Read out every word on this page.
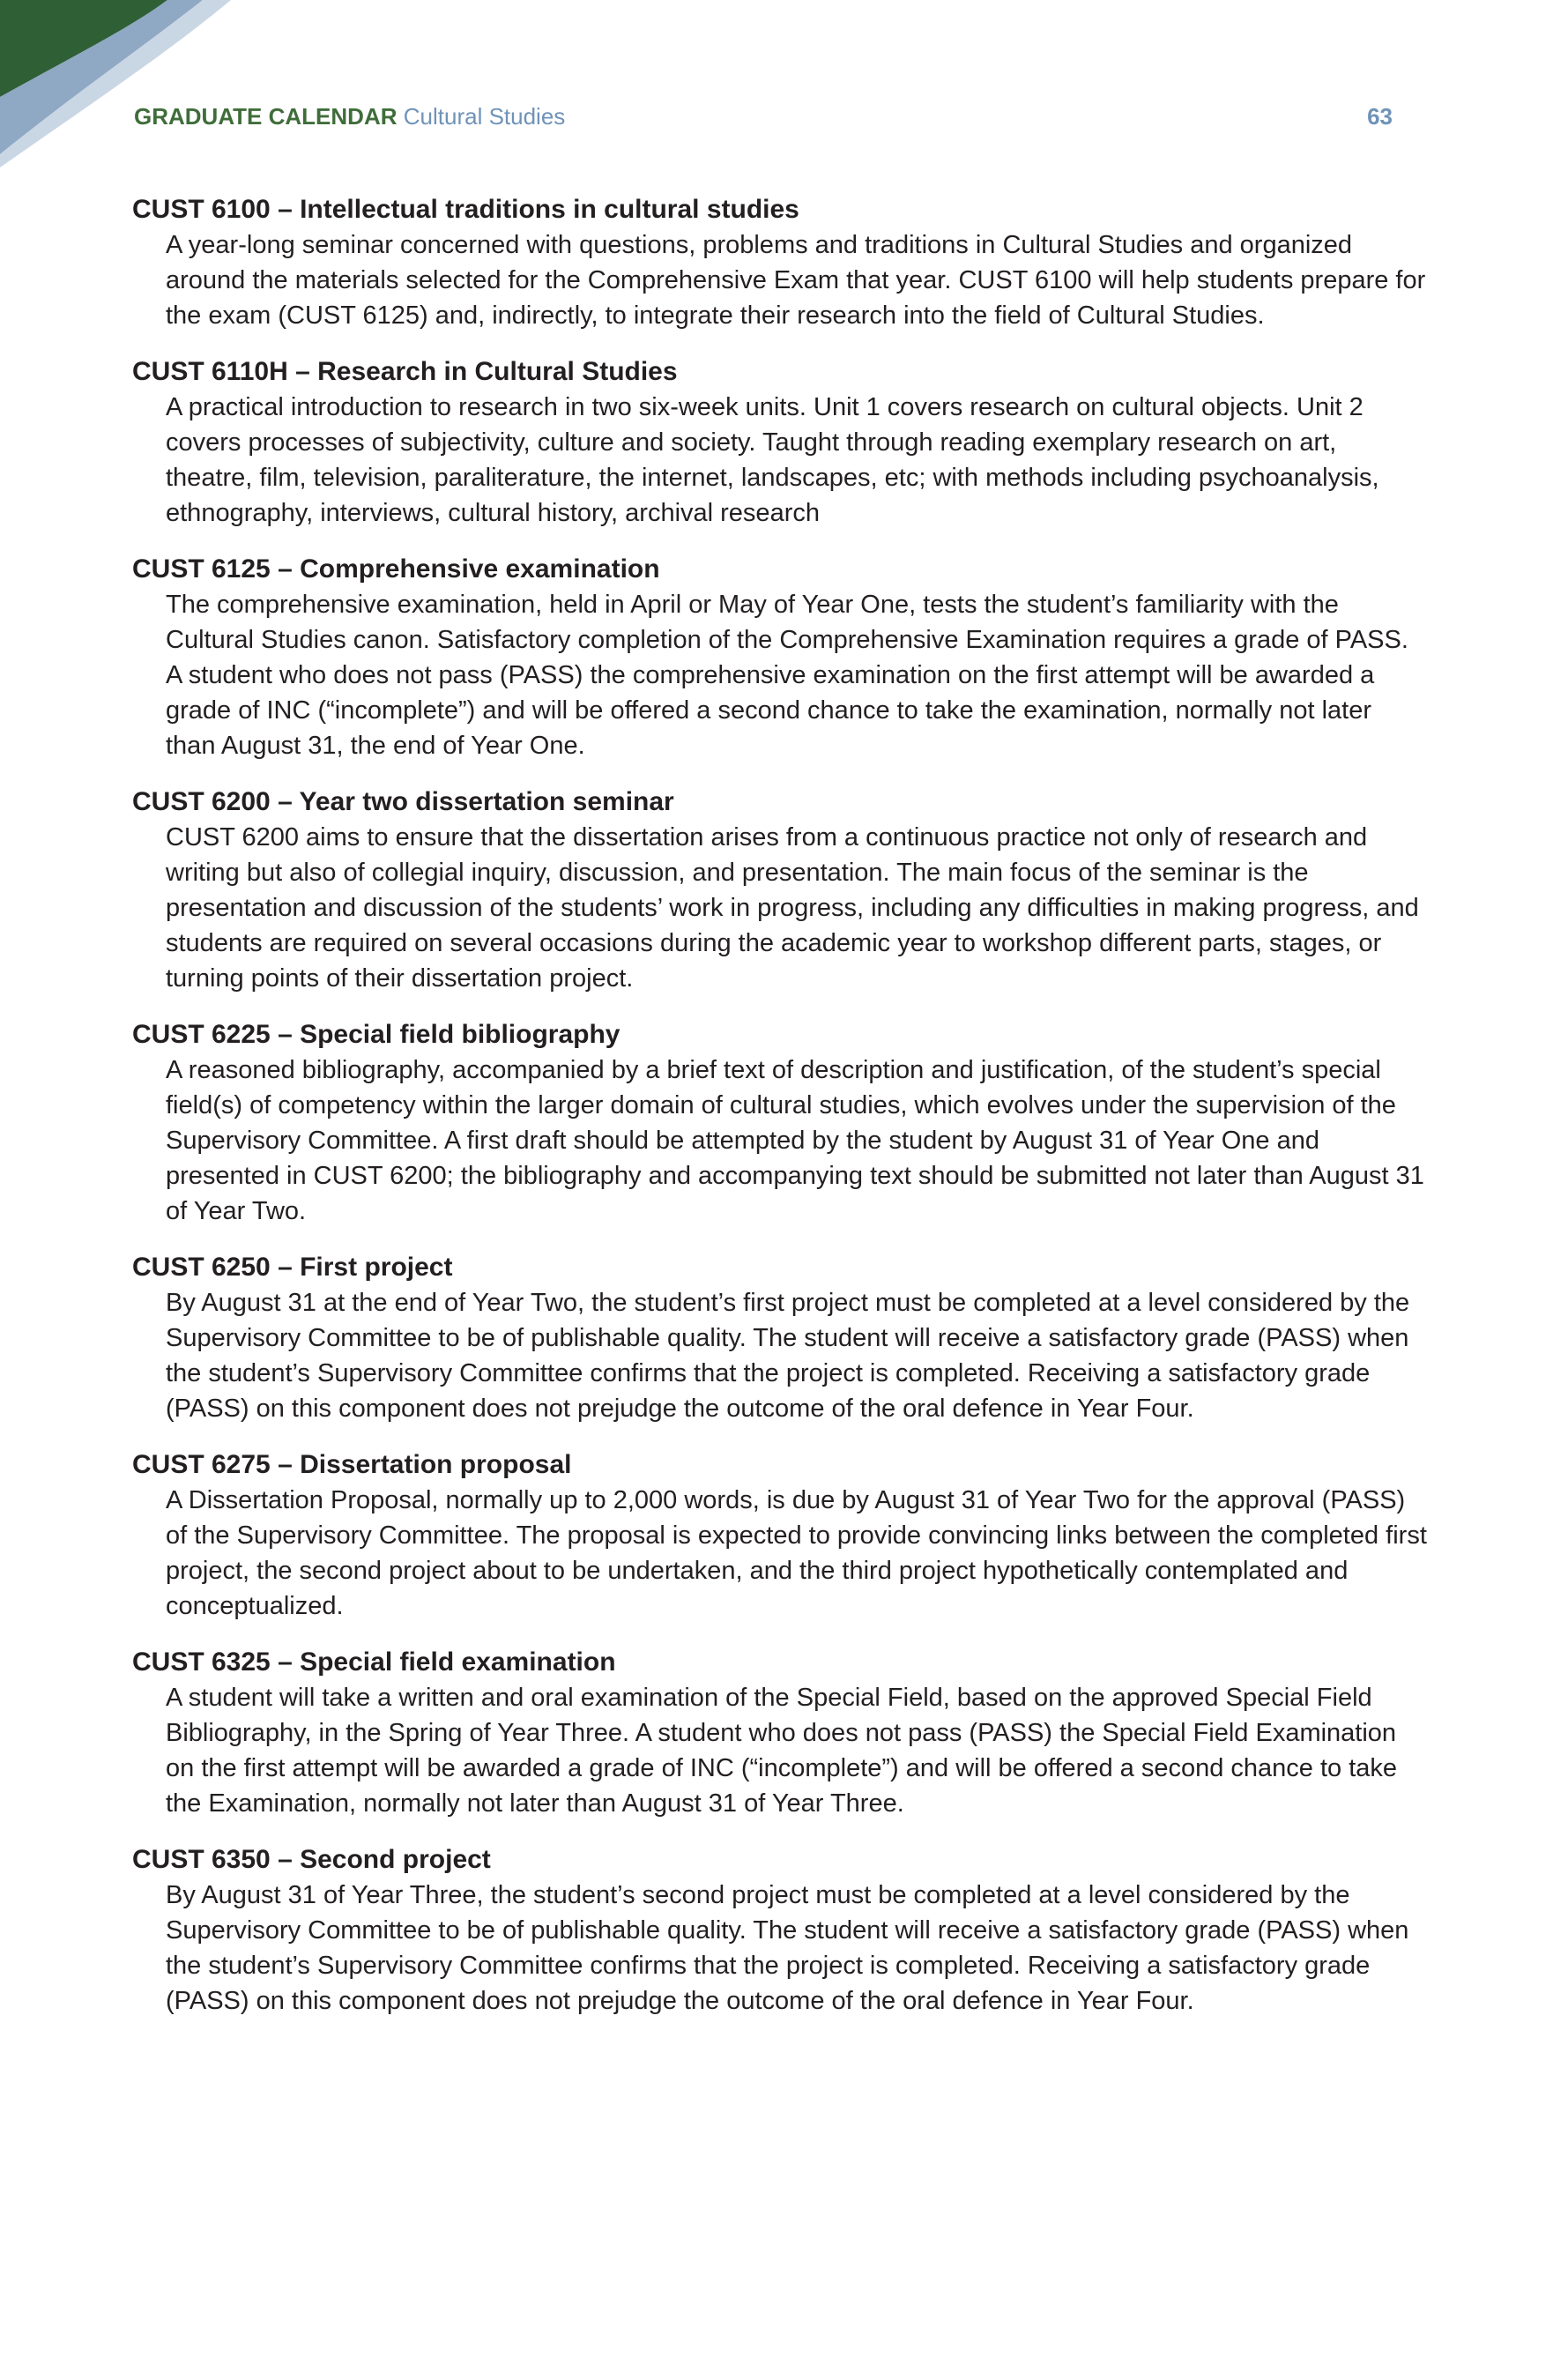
GRADUATE CALENDAR Cultural Studies	63
CUST 6100 – Intellectual traditions in cultural studies
A year-long seminar concerned with questions, problems and traditions in Cultural Studies and organized around the materials selected for the Comprehensive Exam that year. CUST 6100 will help students prepare for the exam (CUST 6125) and, indirectly, to integrate their research into the field of Cultural Studies.
CUST 6110H – Research in Cultural Studies
A practical introduction to research in two six-week units. Unit 1 covers research on cultural objects. Unit 2 covers processes of subjectivity, culture and society. Taught through reading exemplary research on art, theatre, film, television, paraliterature, the internet, landscapes, etc; with methods including psychoanalysis, ethnography, interviews, cultural history, archival research
CUST 6125 – Comprehensive examination
The comprehensive examination, held in April or May of Year One, tests the student’s familiarity with the Cultural Studies canon. Satisfactory completion of the Comprehensive Examination requires a grade of PASS. A student who does not pass (PASS) the comprehensive examination on the first attempt will be awarded a grade of INC (“incomplete”) and will be offered a second chance to take the examination, normally not later than August 31, the end of Year One.
CUST 6200 – Year two dissertation seminar
CUST 6200 aims to ensure that the dissertation arises from a continuous practice not only of research and writing but also of collegial inquiry, discussion, and presentation. The main focus of the seminar is the presentation and discussion of the students’ work in progress, including any difficulties in making progress, and students are required on several occasions during the academic year to workshop different parts, stages, or turning points of their dissertation project.
CUST 6225 – Special field bibliography
A reasoned bibliography, accompanied by a brief text of description and justification, of the student’s special field(s) of competency within the larger domain of cultural studies, which evolves under the supervision of the Supervisory Committee. A first draft should be attempted by the student by August 31 of Year One and presented in CUST 6200; the bibliography and accompanying text should be submitted not later than August 31 of Year Two.
CUST 6250 – First project
By August 31 at the end of Year Two, the student’s first project must be completed at a level considered by the Supervisory Committee to be of publishable quality. The student will receive a satisfactory grade (PASS) when the student’s Supervisory Committee confirms that the project is completed. Receiving a satisfactory grade (PASS) on this component does not prejudge the outcome of the oral defence in Year Four.
CUST 6275 – Dissertation proposal
A Dissertation Proposal, normally up to 2,000 words, is due by August 31 of Year Two for the approval (PASS) of the Supervisory Committee. The proposal is expected to provide convincing links between the completed first project, the second project about to be undertaken, and the third project hypothetically contemplated and conceptualized.
CUST 6325 – Special field examination
A student will take a written and oral examination of the Special Field, based on the approved Special Field Bibliography, in the Spring of Year Three. A student who does not pass (PASS) the Special Field Examination on the first attempt will be awarded a grade of INC (“incomplete”) and will be offered a second chance to take the Examination, normally not later than August 31 of Year Three.
CUST 6350 – Second project
By August 31 of Year Three, the student’s second project must be completed at a level considered by the Supervisory Committee to be of publishable quality. The student will receive a satisfactory grade (PASS) when the student’s Supervisory Committee confirms that the project is completed. Receiving a satisfactory grade (PASS) on this component does not prejudge the outcome of the oral defence in Year Four.
